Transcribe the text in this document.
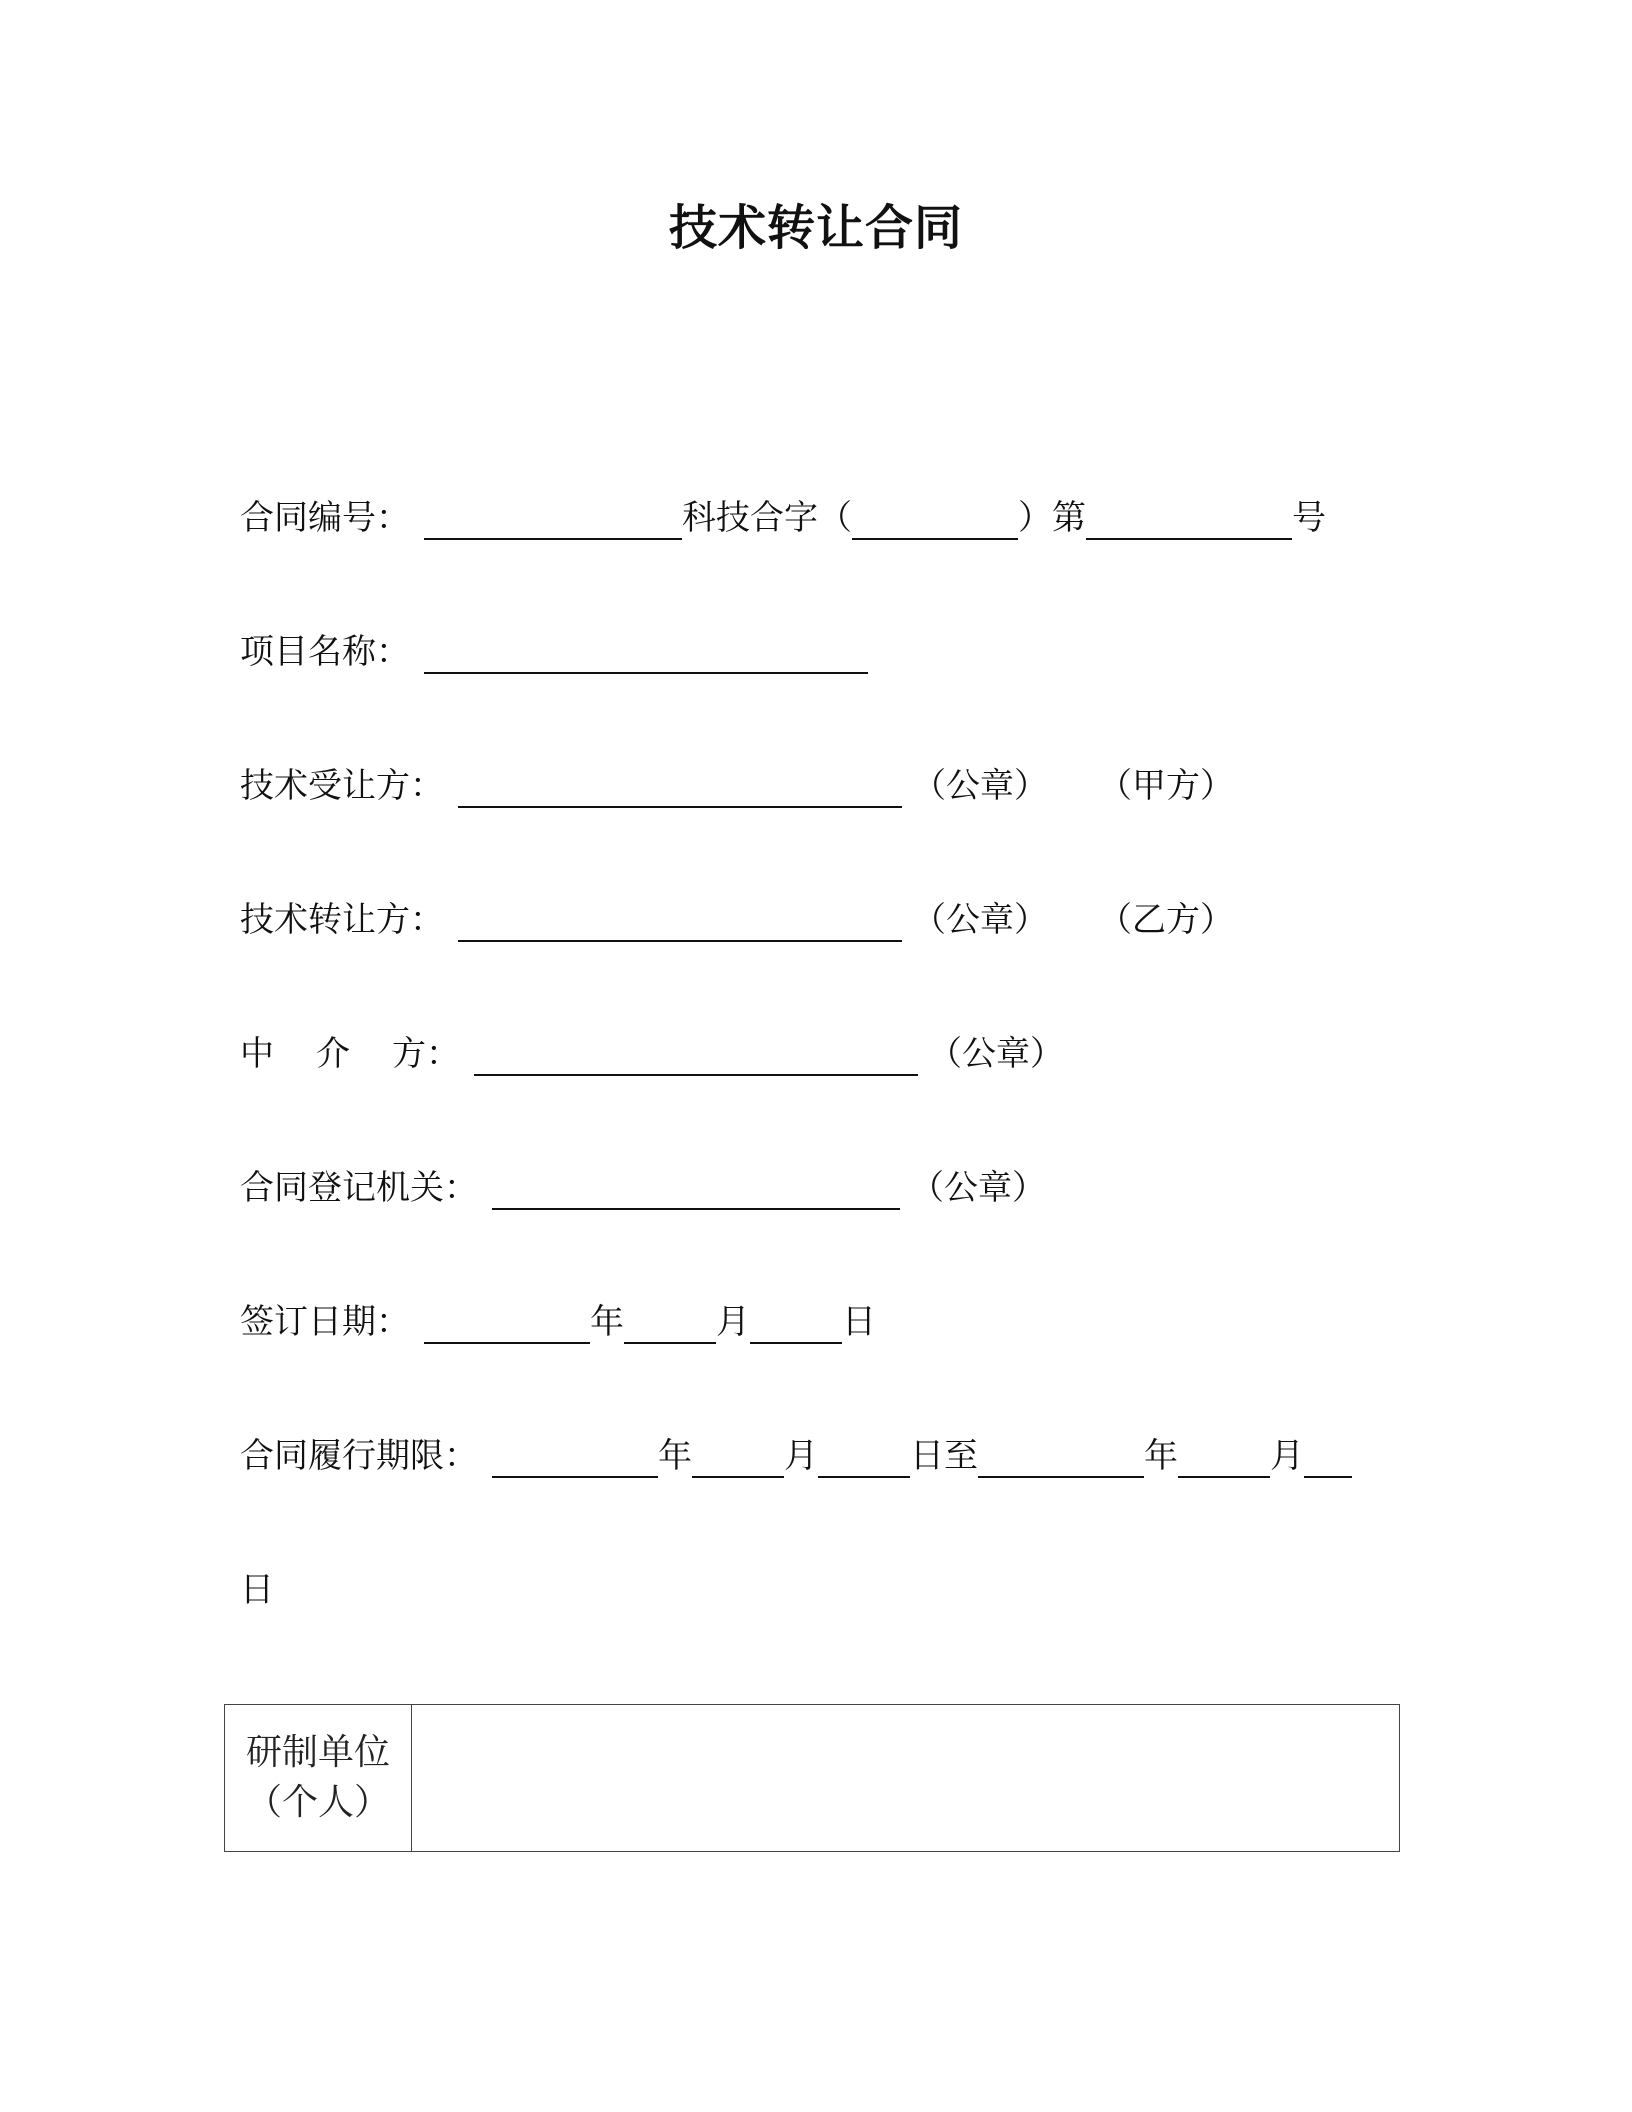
技术转让合同
合同编号：	科技合字（	）第	号
项目名称：
技术受让方：	（公章） （甲方）
技术转让方：	（公章） （乙方）
中 介 方：	（公章）
合同登记机关：	（公章）
签订日期：	年	月	日
合同履行期限：	年	月	日至	年	月
日
研制单位
（个人）
